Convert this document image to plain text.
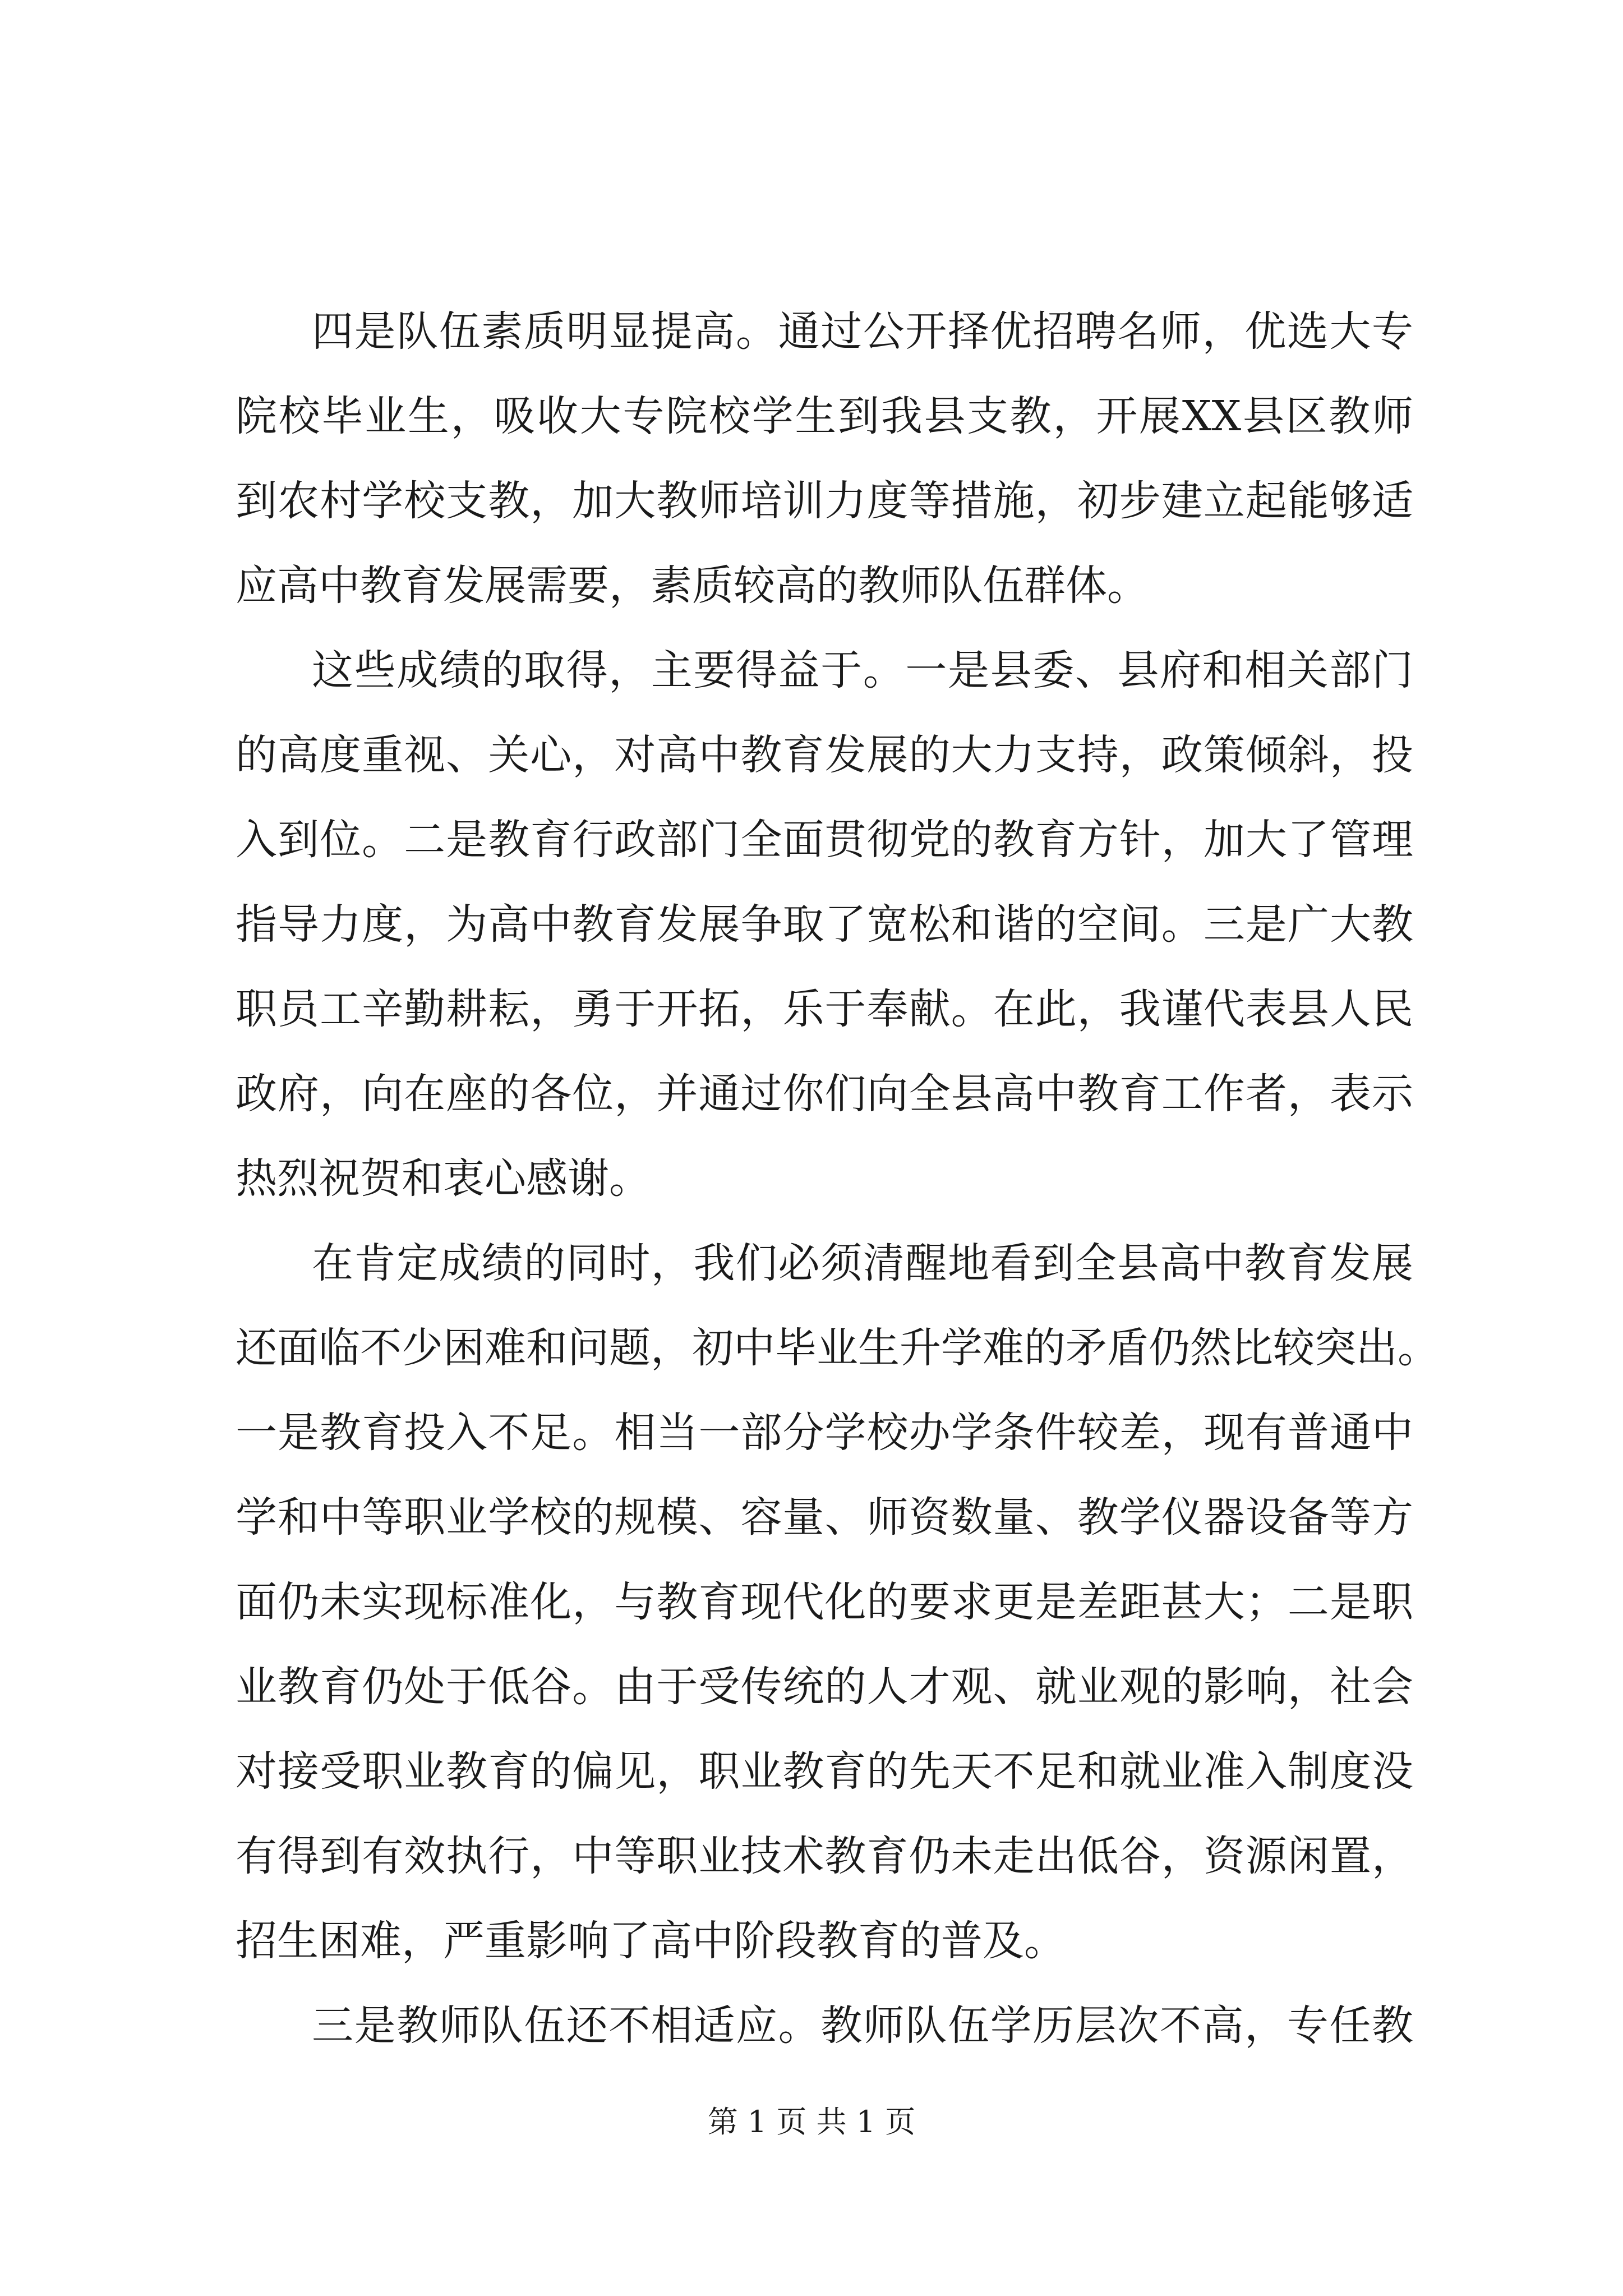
四是队伍素质明显提高。通过公开择优招聘名师，优选大专
院校毕业生，吸收大专院校学生到我县支教，开展XX县区教师
到农村学校支教，加大教师培训力度等措施，初步建立起能够适
应高中教育发展需要，素质较高的教师队伍群体。
这些成绩的取得，主要得益于。一是县委、县府和相关部门
的高度重视、关心，对高中教育发展的大力支持，政策倾斜，投
入到位。二是教育行政部门全面贯彻党的教育方针，加大了管理
指导力度，为高中教育发展争取了宽松和谐的空间。三是广大教
职员工辛勤耕耘，勇于开拓，乐于奉献。在此，我谨代表县人民
政府，向在座的各位，并通过你们向全县高中教育工作者，表示
热烈祝贺和衷心感谢。
在肯定成绩的同时，我们必须清醒地看到全县高中教育发展
还面临不少困难和问题，初中毕业生升学难的矛盾仍然比较突出。
一是教育投入不足。相当一部分学校办学条件较差，现有普通中
学和中等职业学校的规模、容量、师资数量、教学仪器设备等方
面仍未实现标准化，与教育现代化的要求更是差距甚大；二是职
业教育仍处于低谷。由于受传统的人才观、就业观的影响，社会
对接受职业教育的偏见，职业教育的先天不足和就业准入制度没
有得到有效执行，中等职业技术教育仍未走出低谷，资源闲置，
招生困难，严重影响了高中阶段教育的普及。
三是教师队伍还不相适应。教师队伍学历层次不高，专任教
第 1 页 共 1 页
